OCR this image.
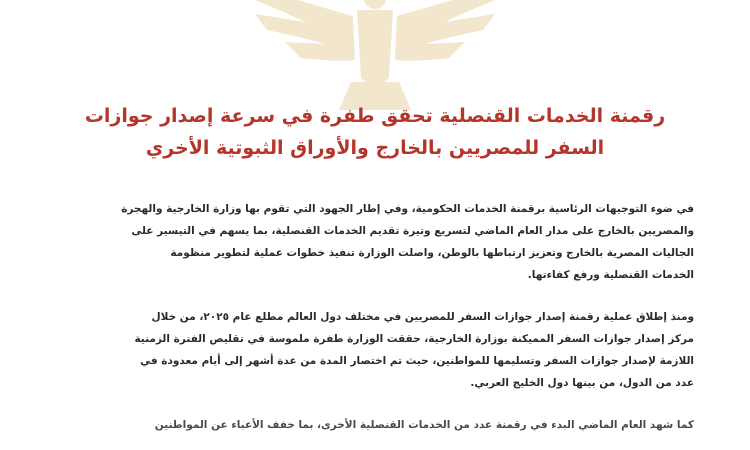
رقمنة الخدمات القنصلية تحقق طفرة في سرعة إصدار جوازات
السفر للمصريين بالخارج والأوراق الثبوتية الأخري

في ضوء التوجيهات الرئاسية برقمنة الخدمات الحكومية، وفي إطار الجهود التي تقوم بها وزارة الخارجية والهجرة
والمصريين بالخارج على مدار العام الماضي لتسريع وتيرة تقديم الخدمات القنصلية، بما يسهم في التيسير على
الجاليات المصرية بالخارج وتعزيز ارتباطها بالوطن، واصلت الوزارة تنفيذ خطوات عملية لتطوير منظومة
الخدمات القنصلية ورفع كفاءتها.

ومنذ إطلاق عملية رقمنة إصدار جوازات السفر للمصريين في مختلف دول العالم مطلع عام ٢٠٢٥، من خلال
مركز إصدار جوازات السفر المميكنة بوزارة الخارجية، حققت الوزارة طفرة ملموسة في تقليص الفترة الزمنية
اللازمة لإصدار جوازات السفر وتسليمها للمواطنين، حيث تم اختصار المدة من عدة أشهر إلى أيام معدودة في
عدد من الدول، من بينها دول الخليج العربي.

كما شهد العام الماضي البدء في رقمنة عدد من الخدمات القنصلية الأخرى، بما خفف الأعباء عن المواطنين
